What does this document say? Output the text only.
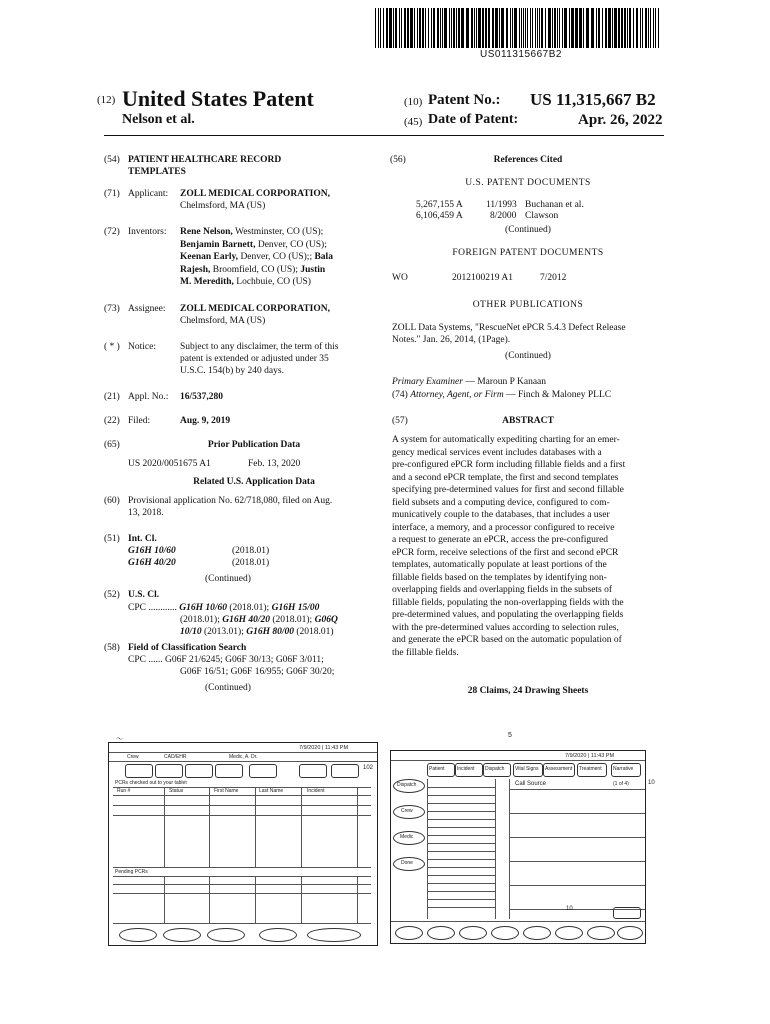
US011315667B2
(12) United States Patent
Nelson et al.
(10) Patent No.: US 11,315,667 B2
(45) Date of Patent:	Apr. 26, 2022
(54) PATIENT HEALTHCARE RECORD
TEMPLATES
(71) Applicant: ZOLL MEDICAL CORPORATION,
Chelmsford, MA (US)
(72) Inventors: Rene Nelson, Westminster, CO (US);
Benjamin Barnett, Denver, CO (US);
Keenan Early, Denver, CO (US);; Bala
Rajesh, Broomfield, CO (US); Justin
M. Meredith, Lochbuie, CO (US)
(73) Assignee: ZOLL MEDICAL CORPORATION,
Chelmsford, MA (US)
( * ) Notice:	Subject to any disclaimer, the term of this
patent is extended or adjusted under 35
U.S.C. 154(b) by 240 days.
(21) Appl. No.: 16/537,280
(22) Filed:	Aug. 9, 2019
(65)	Prior Publication Data
US 2020/0051675 A1	Feb. 13, 2020
Related U.S. Application Data
(60) Provisional application No. 62/718,080, filed on Aug.
13, 2018.
(51) Int. Cl.
G16H 10/60	(2018.01)
G16H 40/20	(2018.01)
(Continued)
(52) U.S. Cl.
CPC ............ G16H 10/60 (2018.01); G16H 15/00
(2018.01); G16H 40/20 (2018.01); G06Q
10/10 (2013.01); G16H 80/00 (2018.01)
(58) Field of Classification Search
CPC ...... G06F 21/6245; G06F 30/13; G06F 3/011;
G06F 16/51; G06F 16/955; G06F 30/20;
(Continued)
(56)	References Cited
U.S. PATENT DOCUMENTS
5,267,155 A 11/1993 Buchanan et al.
6,106,459 A	8/2000 Clawson
(Continued)
FOREIGN PATENT DOCUMENTS
WO	2012100219 A1	7/2012
OTHER PUBLICATIONS
ZOLL Data Systems, "RescueNet ePCR 5.4.3 Defect Release
Notes." Jan. 26, 2014, (1Page).
(Continued)
Primary Examiner — Maroun P Kanaan
(74) Attorney, Agent, or Firm — Finch & Maloney PLLC
(57)	ABSTRACT
A system for automatically expediting charting for an emer-
gency medical services event includes databases with a
pre-configured ePCR form including fillable fields and a first
and a second ePCR template, the first and second templates
specifying pre-determined values for first and second fillable
field subsets and a computing device, configured to com-
municatively couple to the databases, that includes a user
interface, a memory, and a processor configured to receive
a request to generate an ePCR, access the pre-configured
ePCR form, receive selections of the first and second ePCR
templates, automatically populate at least portions of the
fillable fields based on the templates by identifying non-
overlapping fields and overlapping fields in the subsets of
fillable fields, populating the non-overlapping fields with the
pre-determined values, and populating the overlapping fields
with the pre-determined values according to selection rules,
and generate the ePCR based on the automatic population of
the fillable fields.
28 Claims, 24 Drawing Sheets
〜
7/9/2020 | 11:43 PM
Crew	CAD/EHR	Medic, A. Dr.
102
PCRs checked out to your tablet
Run #	Status	First Name	Last Name	Incident
Pending PCRs
5
7/9/2020 | 11:43 PM
Patient Incident Dispatch Vital Signs Assessment Treatment Narrative
Dispatch
Crew
Medic
Done
Call Source	(1 of 4)	10
10
